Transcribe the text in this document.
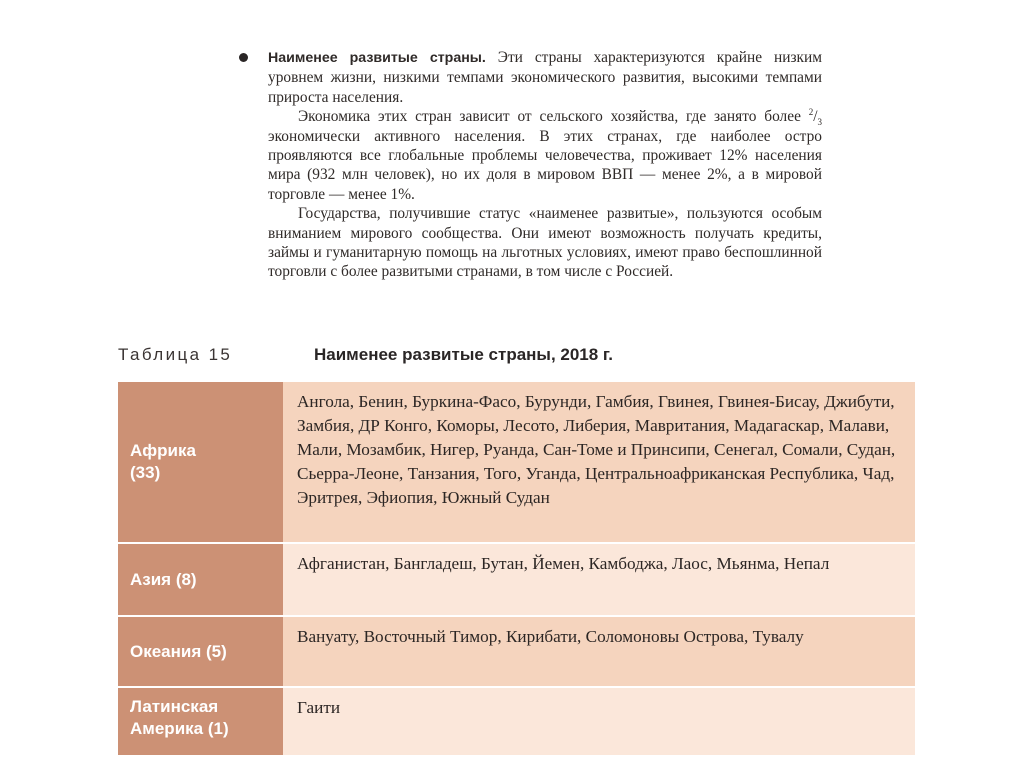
Наименее развитые страны. Эти страны характеризуются крайне низким уровнем жизни, низкими темпами экономического развития, высокими темпами прироста населения.

Экономика этих стран зависит от сельского хозяйства, где занято более $^2/_3$ экономически активного населения. В этих странах, где наиболее остро проявляются все глобальные проблемы человечества, проживает 12% населения мира (932 млн человек), но их доля в мировом ВВП — менее 2%, а в мировой торговле — менее 1%.

Государства, получившие статус «наименее развитые», пользуются особым вниманием мирового сообщества. Они имеют возможность получать кредиты, займы и гуманитарную помощь на льготных условиях, имеют право беспошлинной торговли с более развитыми странами, в том числе с Россией.

Таблица 15	Наименее развитые страны, 2018 г.
Африка
(33)	Ангола, Бенин, Буркина-Фасо, Бурунди, Гамбия, Гвинея, Гвинея-Бисау, Джибути, Замбия, ДР Конго, Коморы, Лесото, Либерия, Мавритания, Мадагаскар, Малави, Мали, Мозамбик, Нигер, Руанда, Сан-Томе и Принсипи, Сенегал, Сомали, Судан, Сьерра-Леоне, Танзания, Того, Уганда, Центральноафриканская Республика, Чад, Эритрея, Эфиопия, Южный Судан

Азия (8)	Афганистан, Бангладеш, Бутан, Йемен, Камбоджа, Лаос, Мьянма, Непал

Океания (5)	Вануату, Восточный Тимор, Кирибати, Соломоновы Острова, Тувалу

Латинская
Америка (1)	Гаити
